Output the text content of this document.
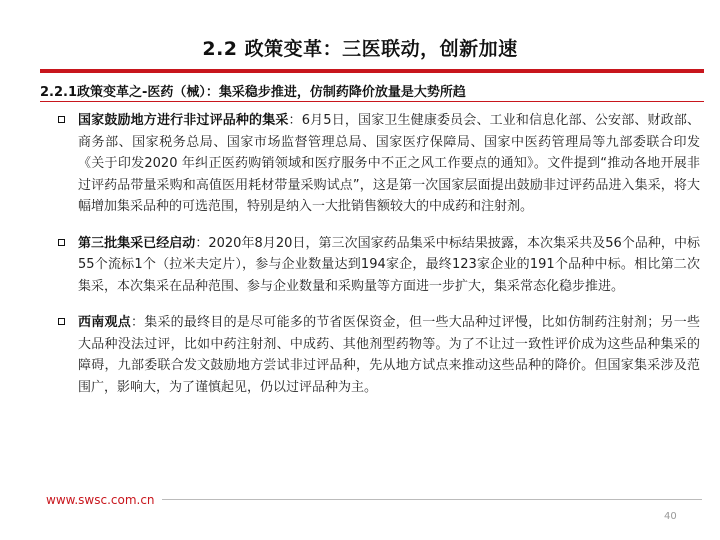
2.2 政策变革：三医联动，创新加速
2.2.1政策变革之-医药（械）：集采稳步推进，仿制药降价放量是大势所趋
国家鼓励地方进行非过评品种的集采：6月5日，国家卫生健康委员会、工业和信息化部、公安部、财政部、商务部、国家税务总局、国家市场监督管理总局、国家医疗保障局、国家中医药管理局等九部委联合印发《关于印发2020 年纠正医药购销领域和医疗服务中不正之风工作要点的通知》。文件提到“推动各地开展非过评药品带量采购和高值医用耗材带量采购试点”，这是第一次国家层面提出鼓励非过评药品进入集采，将大幅增加集采品种的可选范围，特别是纳入一大批销售额较大的中成药和注射剂。
第三批集采已经启动：2020年8月20日，第三次国家药品集采中标结果披露，本次集采共及56个品种，中标55个流标1个（拉米夫定片），参与企业数量达到194家企，最终123家企业的191个品种中标。相比第二次集采，本次集采在品种范围、参与企业数量和采购量等方面进一步扩大，集采常态化稳步推进。
西南观点：集采的最终目的是尽可能多的节省医保资金，但一些大品种过评慢，比如仿制药注射剂；另一些大品种没法过评，比如中药注射剂、中成药、其他剂型药物等。为了不让过一致性评价成为这些品种集采的障碍，九部委联合发文鼓励地方尝试非过评品种，先从地方试点来推动这些品种的降价。但国家集采涉及范围广，影响大，为了谨慎起见，仍以过评品种为主。
www.swsc.com.cn
40
